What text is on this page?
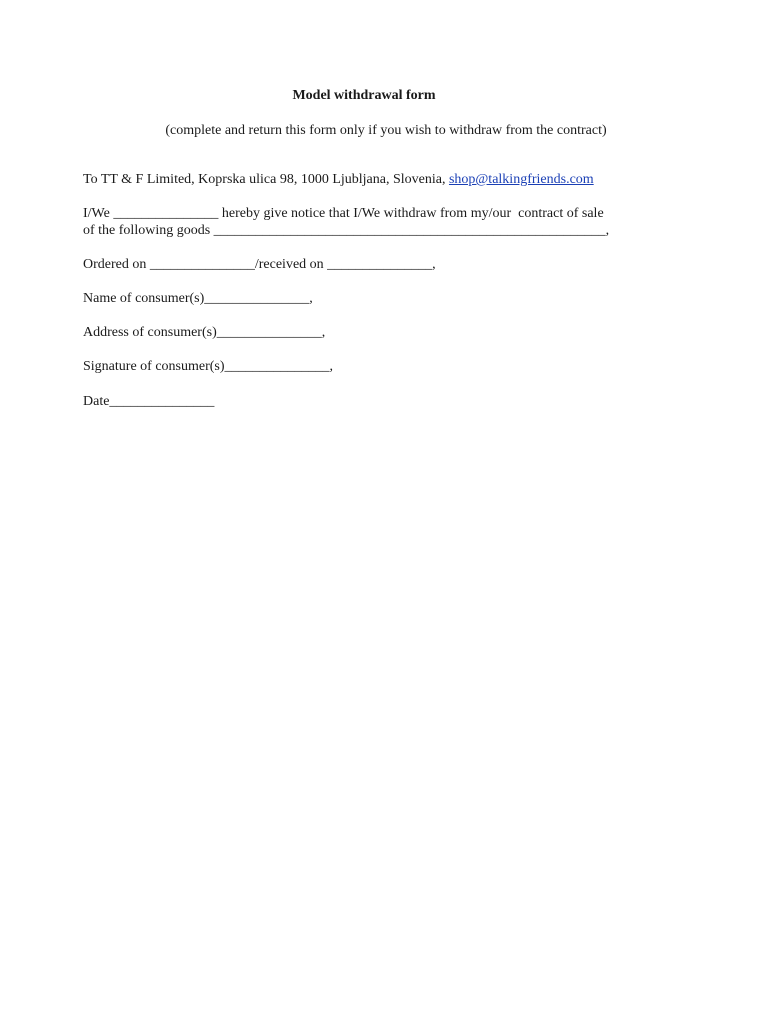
Model withdrawal form
(complete and return this form only if you wish to withdraw from the contract)
To TT & F Limited, Koprska ulica 98, 1000 Ljubljana, Slovenia, shop@talkingfriends.com
I/We _______________ hereby give notice that I/We withdraw from my/our  contract of sale
of the following goods ________________________________________________________,
Ordered on _______________/received on _______________,
Name of consumer(s)_______________,
Address of consumer(s)_______________,
Signature of consumer(s)_______________,
Date_______________
